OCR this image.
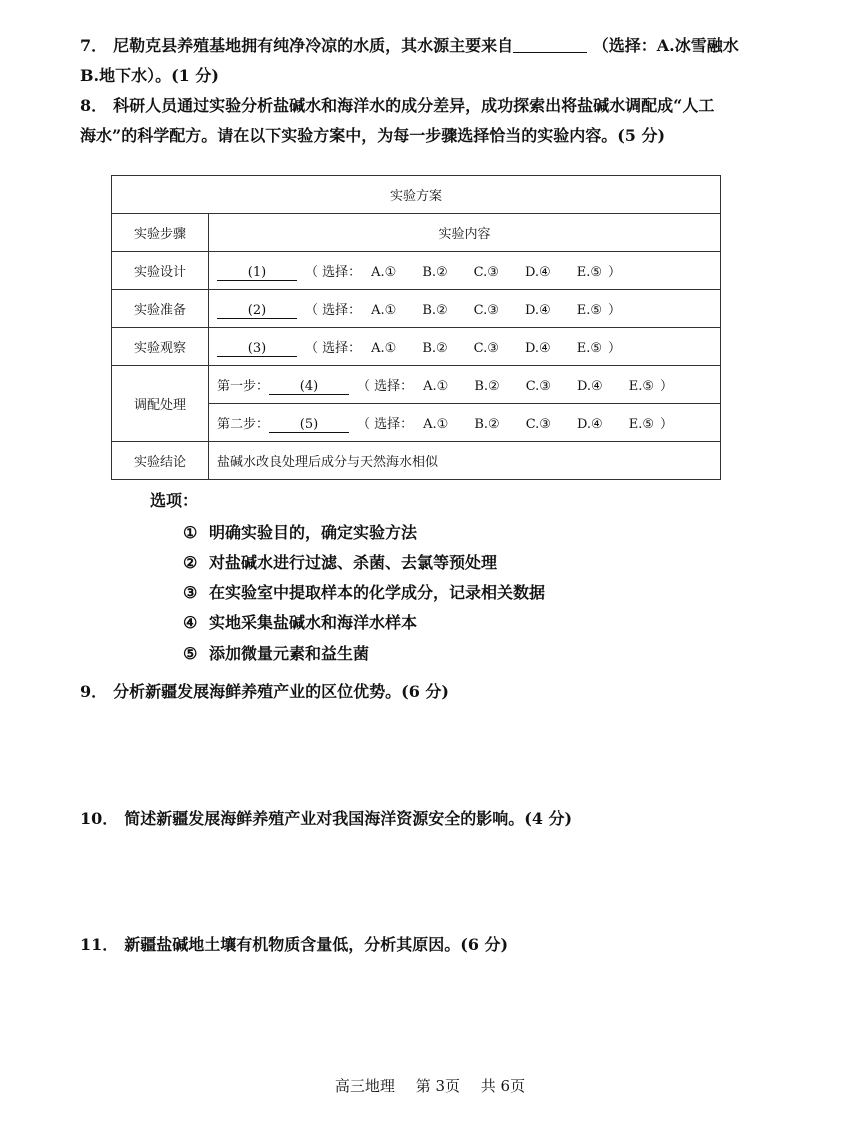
7． 尼勒克县养殖基地拥有纯净冷凉的水质，其水源主要来自	（选择：A.冰雪融水
B.地下水）。(1 分)
8． 科研人员通过实验分析盐碱水和海洋水的成分差异，成功探索出将盐碱水调配成“人工
海水”的科学配方。请在以下实验方案中，为每一步骤选择恰当的实验内容。(5 分)
实验方案	
实验步骤	实验内容
实验设计	(1) （ 选择： A.① B.② C.③ D.④ E.⑤ ）
实验准备	(2) （ 选择： A.① B.② C.③ D.④ E.⑤ ）
实验观察	(3) （ 选择： A.① B.② C.③ D.④ E.⑤ ）
调配处理	第一步： (4) （ 选择： A.① B.② C.③ D.④ E.⑤ ）
	第二步： (5) （ 选择： A.① B.② C.③ D.④ E.⑤ ）
实验结论	盐碱水改良处理后成分与天然海水相似
选项：
① 明确实验目的，确定实验方法
② 对盐碱水进行过滤、杀菌、去氯等预处理
③ 在实验室中提取样本的化学成分，记录相关数据
④ 实地采集盐碱水和海洋水样本
⑤ 添加微量元素和益生菌
9． 分析新疆发展海鲜养殖产业的区位优势。(6 分)
10． 简述新疆发展海鲜养殖产业对我国海洋资源安全的影响。(4 分)
11． 新疆盐碱地土壤有机物质含量低，分析其原因。(6 分)
高三地理 第 3页 共 6页
